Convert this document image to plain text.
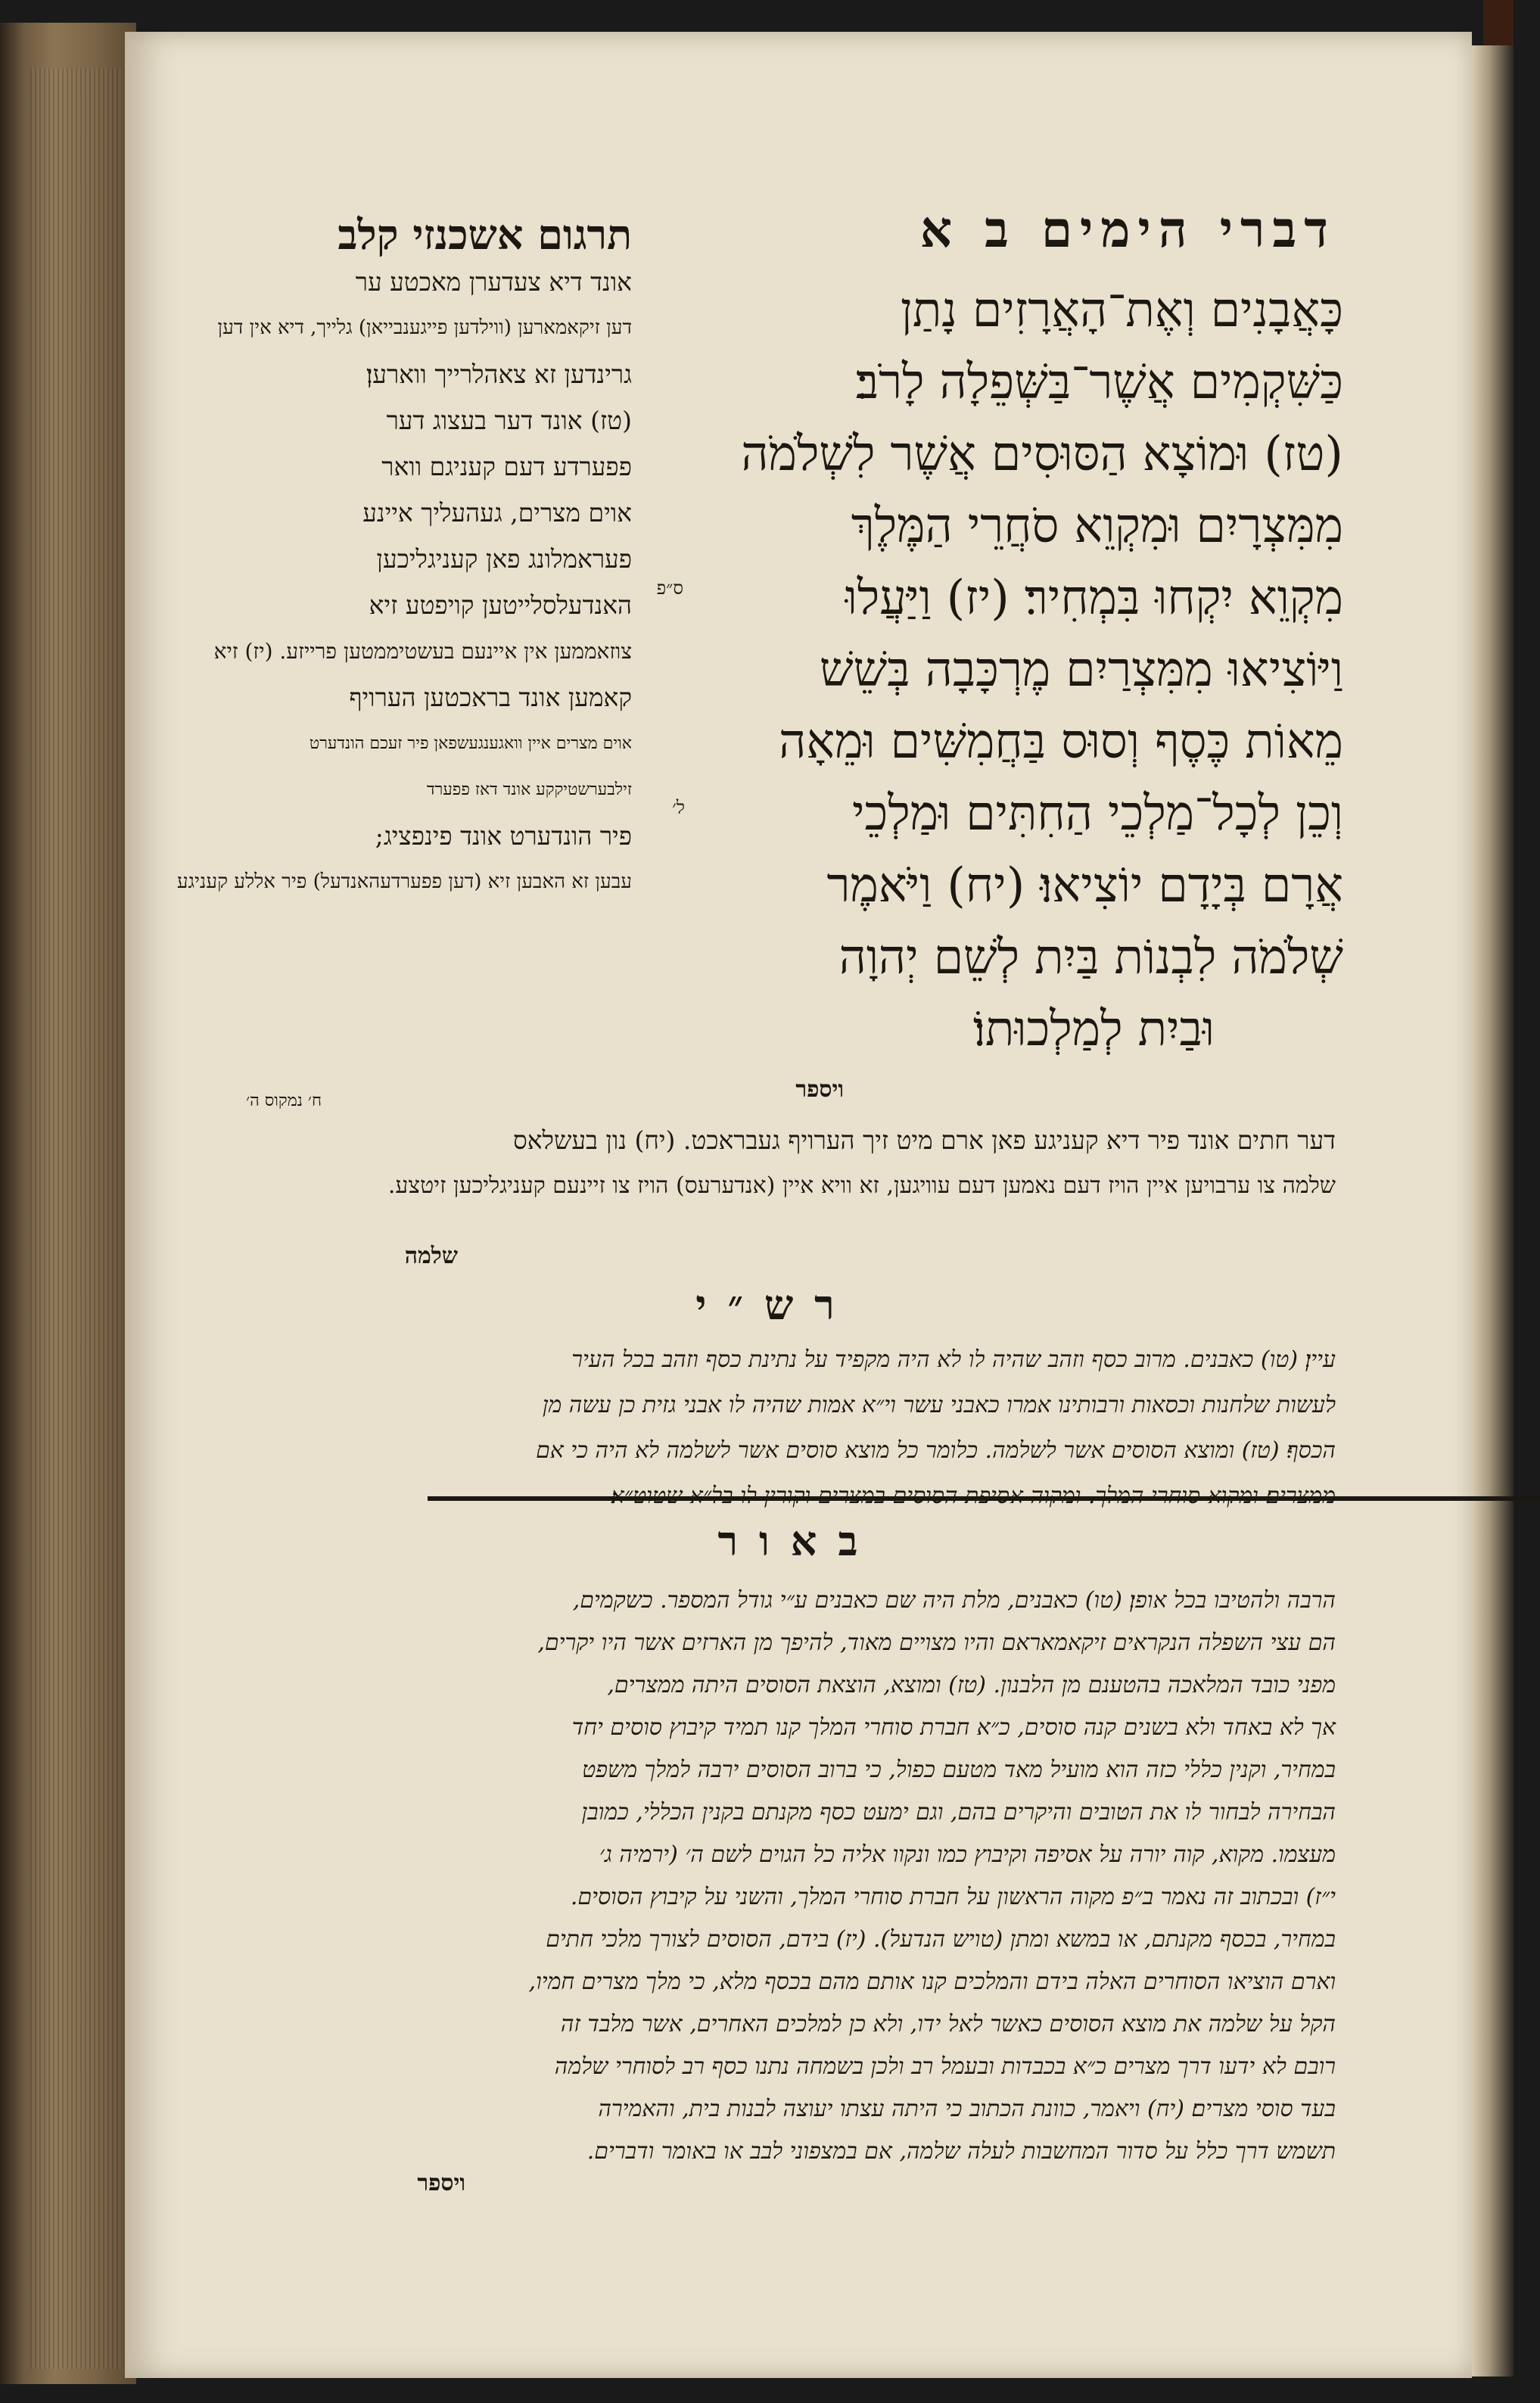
דברי הימים ב א
תרגום אשכנזי קלב
כָּאֲבָנִים וְאֶת־הָאֲרָזִים נָתַן
כַּשִּׁקְמִים אֲשֶׁר־בַּשְּׁפֵלָה לָרֹב׃
(טז) וּמוֹצָא הַסּוּסִים אֲשֶׁר לִשְׁלֹמֹה
מִמִּצְרָיִם וּמִקְוֵא סֹחֲרֵי הַמֶּלֶךְ
מִקְוֵא יִקְחוּ בִּמְחִיר׃ (יז) וַיַּעֲלוּ
וַיּוֹצִיאוּ מִמִּצְרַיִם מֶרְכָּבָה בְּשֵׁשׁ
מֵאוֹת כֶּסֶף וְסוּס בַּחֲמִשִּׁים וּמֵאָה
וְכֵן לְכָל־מַלְכֵי הַחִתִּים וּמַלְכֵי
אֲרָם בְּיָדָם יוֹצִיאוּ׃ (יח) וַיֹּאמֶר
שְׁלֹמֹה לִבְנוֹת בַּיִת לְשֵׁם יְהוָה
וּבַיִת לְמַלְכוּתוֹ׃
ס״פ
ל׳
ח׳ נמקוס ה׳	ויספר
אונד דיא צעדערן מאכטע ער
דען זיקאמארען (ווילדען פייגענבייאן) גלייך, דיא אין דען
גרינדען זא צאהלרייך ווארען׃
(טז) אונד דער בעצוג דער
פפערדע דעם קעניגם וואר
אוים מצרים, געהעליך איינע
פעראמלונג פאן קעניגליכען
האנדעלסלייטען קויפטע זיא
צוזאממען אין איינעם בעשטיממטען פרייזע. (יז) זיא
קאמען אונד בראכטען הערויף
אוים מצרים איין וואגענגעשפאן פיר זעכם הונדערט זילבערשטיקקע אונד דאז פפערד
פיר הונדערט אונד פינפציג;
עבען זא האבען זיא (דען פפערדעהאנדעל) פיר אללע קעניגע
דער חתים אונד פיר דיא קעניגע פאן ארם מיט זיך הערויף געבראכט. (יח) נון בעשלאס
שלמה צו ערבויען איין הויז דעם נאמען דעם עוויגען, זא וויא איין (אנדערעס) הויז צו זיינעם קעניגליכען זיטצע.
שלמה
רש״י
עיין׃ (טו) כאבנים. מרוב כסף וזהב שהיה לו לא היה מקפיד על נתינת כסף וזהב בכל העיר
לעשות שלחנות וכסאות ורבותינו אמרו כאבני עשר וי״א אמות שהיה לו אבני גזית כן עשה מן
הכסף׃ (טז) ומוצא הסוסים אשר לשלמה. כלומר כל מוצא סוסים אשר לשלמה לא היה כי אם
באור
הרבה ולהטיבו בכל אופן׃ (טו) כאבנים, מלת היה שם כאבנים ע״י גודל המספר. כשקמים,
הם עצי השפלה הנקראים זיקאמאראם והיו מצויים מאוד, להיפך מן הארזים אשר היו יקרים,
מפני כובד המלאכה בהטענם מן הלבנון. (טז) ומוצא, הוצאת הסוסים היתה ממצרים,
אך לא באחד ולא בשנים קנה סוסים, כ״א חברת סוחרי המלך קנו תמיד קיבוץ סוסים יחד
במחיר, וקנין כללי כזה הוא מועיל מאד מטעם כפול, כי ברוב הסוסים ירבה למלך משפט
הבחירה לבחור לו את הטובים והיקרים בהם, וגם ימעט כסף מקנתם בקנין הכללי, כמובן
מעצמו. מקוא, קוה יורה על אסיפה וקיבוץ כמו ונקוו אליה כל הגוים לשם ה׳ (ירמיה ג׳
י״ז) ובכתוב זה נאמר ב״פ מקוה הראשון על חברת סוחרי המלך, והשני על קיבוץ הסוסים.
במחיר, בכסף מקנתם, או במשא ומתן (טויש הנדעל). (יז) בידם, הסוסים לצורך מלכי חתים
וארם הוציאו הסוחרים האלה בידם והמלכים קנו אותם מהם בכסף מלא, כי מלך מצרים חמיו,
הקל על שלמה את מוצא הסוסים כאשר לאל ידו, ולא כן למלכים האחרים, אשר מלבד זה
רובם לא ידעו דרך מצרים כ״א בכבדות ובעמל רב ולכן בשמחה נתנו כסף רב לסוחרי שלמה
בעד סוסי מצרים׃ (יח) ויאמר, כוונת הכתוב כי היתה עצתו יעוצה לבנות בית, והאמירה
תשמש דרך כלל על סדור המחשבות לעלה שלמה, אם במצפוני לבב או באומר ודברים.
ויספר
